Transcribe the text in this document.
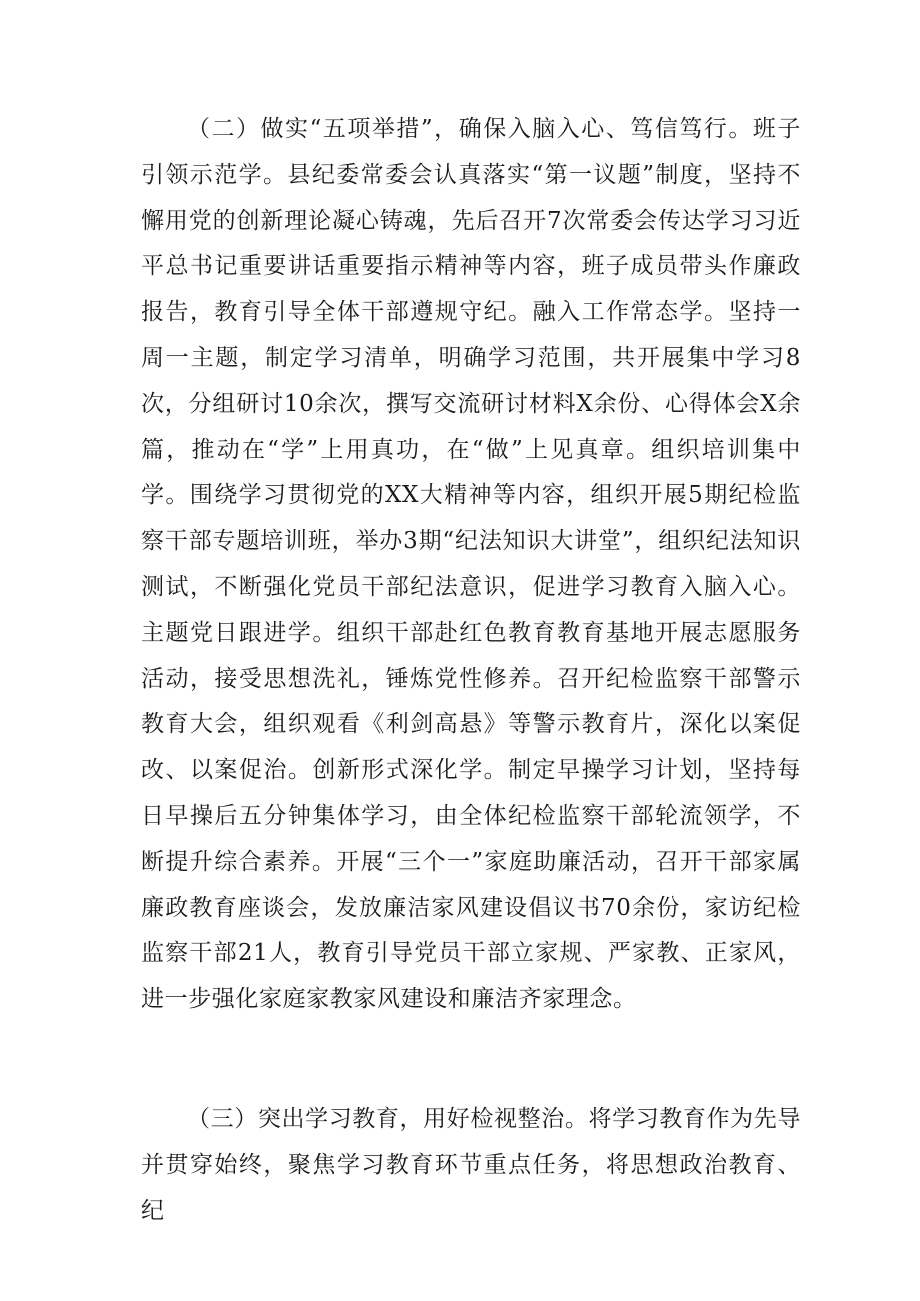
（二）做实“五项举措”，确保入脑入心、笃信笃行。班子引领示范学。县纪委常委会认真落实“第一议题”制度，坚持不懈用党的创新理论凝心铸魂，先后召开7次常委会传达学习习近平总书记重要讲话重要指示精神等内容，班子成员带头作廉政报告，教育引导全体干部遵规守纪。融入工作常态学。坚持一周一主题，制定学习清单，明确学习范围，共开展集中学习8次，分组研讨10余次，撰写交流研讨材料X余份、心得体会X余篇，推动在“学”上用真功，在“做”上见真章。组织培训集中学。围绕学习贯彻党的XX大精神等内容，组织开展5期纪检监察干部专题培训班，举办3期“纪法知识大讲堂”，组织纪法知识测试，不断强化党员干部纪法意识，促进学习教育入脑入心。主题党日跟进学。组织干部赴红色教育教育基地开展志愿服务活动，接受思想洗礼，锤炼党性修养。召开纪检监察干部警示教育大会，组织观看《利剑高悬》等警示教育片，深化以案促改、以案促治。创新形式深化学。制定早操学习计划，坚持每日早操后五分钟集体学习，由全体纪检监察干部轮流领学，不断提升综合素养。开展“三个一”家庭助廉活动，召开干部家属廉政教育座谈会，发放廉洁家风建设倡议书70余份，家访纪检监察干部21人，教育引导党员干部立家规、严家教、正家风，进一步强化家庭家教家风建设和廉洁齐家理念。

（三）突出学习教育，用好检视整治。将学习教育作为先导并贯穿始终，聚焦学习教育环节重点任务，将思想政治教育、纪
